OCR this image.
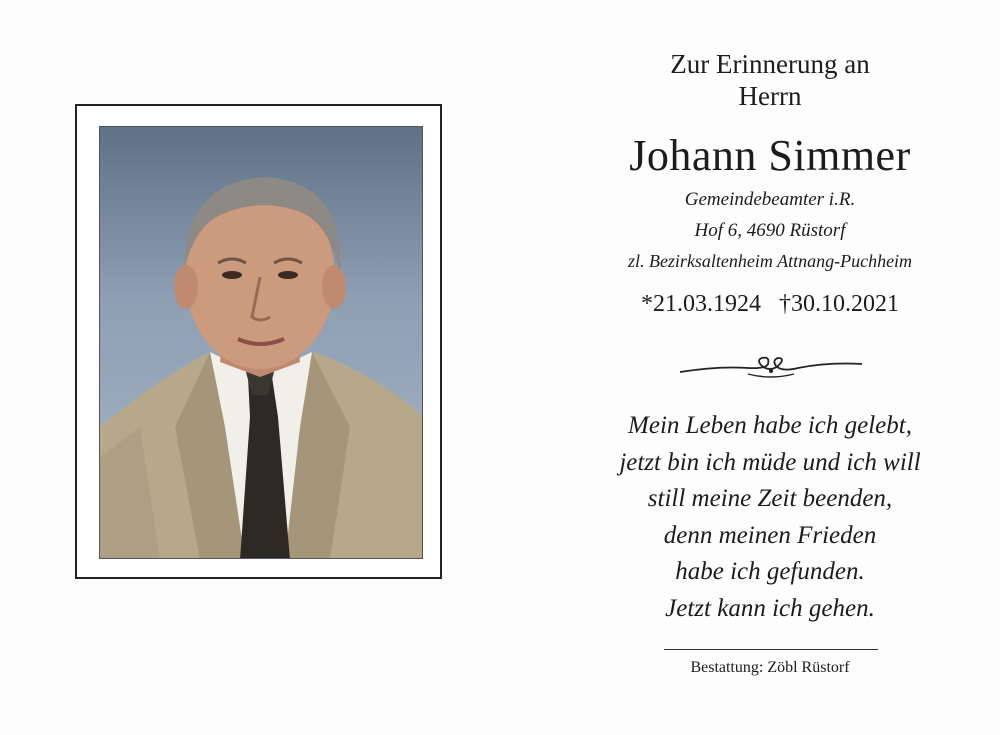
Zur Erinnerung an
Herrn
Johann Simmer
Gemeindebeamter i.R.
Hof 6, 4690 Rüstorf
zl. Bezirksaltenheim Attnang-Puchheim
*21.03.1924 †30.10.2021
Mein Leben habe ich gelebt,
jetzt bin ich müde und ich will
still meine Zeit beenden,
denn meinen Frieden
habe ich gefunden.
Jetzt kann ich gehen.
Bestattung: Zöbl Rüstorf
